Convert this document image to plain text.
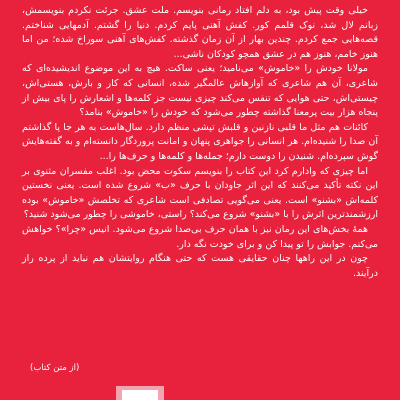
خیلی وقت پیش بود، به دلم افتاد رمانی بنویسم. ملت عشق. جرئت نکردم بنویسمش، زبانم لال شد، نوک قلمم کور. کفش آهنی پایم کردم. دنیا را گشتم. آدمهایی شناختم. قصه‌هایی جمع کردم. چندین بهار از آن زمان گذشته. کفش‌های آهنی سوراخ شده؛ من اما هنوز خامم، هنوز هم در عشق همچو کودکان ناشی...

مولانا خودش را «خاموش» می‌نامید؛ یعنی ساکت. هیچ به این موضوع اندیشیده‌ای که شاعری، آن هم شاعری که آوازهاش عالمگیر شده، انسانی که کار و بارش، هستی‌اش، چیستی‌اش، حتی هوایی که تنفس می‌کند چیزی نیست جز کلمه‌ها و اشعارش را پای بیش از پنجاه هزار بیت پرمعنا گذاشته چطور می‌شود که خودش را «خاموش» بنامد؟

کائنات هم مثل ما قلبی نازنین و قلبش تپشی منظم دارد. سال‌هاست به هر جا پا گذاشتم آن صدا را شنیده‌ام. هر انسانی را جواهری پنهان و امانت پروردگار دانسته‌ام و به گفته‌هایش گوش سپرده‌ام. شنیدن را دوست دارم؛ جمله‌ها و کلمه‌ها و حرف‌ها را...

اما چیزی که وادارم کرد این کتاب را بنویسم سکوت محض بود. اغلب مفسران مثنوی بر این نکته تأکید می‌کنند که این اثر جاودان با حرف «ب» شروع شده است. یعنی نخستین کلمه‌اش «بشنو» است. یعنی می‌گویی تصادفی است شاعری که تخلصش «خاموش» بوده ارزشمندترین اثرش را با «بشنو» شروع می‌کند؟ راستی، خاموشی را چطور می‌شود شنید؟

همهٔ بخش‌های این رمان نیز با همان حرف بی‌صدا شروع می‌شود. انیس «چرا»؟ خواهش می‌کنم. جوابش را تو پیدا کن و برای خودت نگه دار.

چون در این راهها چنان حقایقی هست که حتی هنگام روایتشان هم نباید از پرده راز درآیند.

(از متن کتاب)
